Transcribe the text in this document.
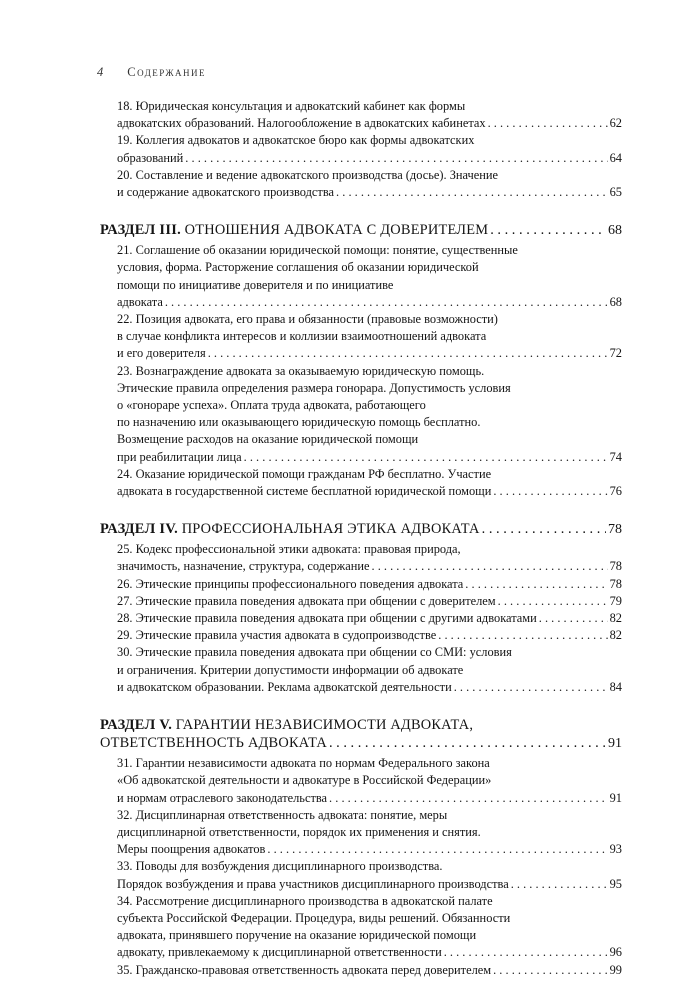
4 Содержание
18. Юридическая консультация и адвокатский кабинет как формы
адвокатских образований. Налогообложение в адвокатских кабинетах . . .	62
19. Коллегия адвокатов и адвокатское бюро как формы адвокатских
образований . . .	64
20. Составление и ведение адвокатского производства (досье). Значение
и содержание адвокатского производства . . .	65
РАЗДЕЛ III. ОТНОШЕНИЯ АДВОКАТА С ДОВЕРИТЕЛЕМ . . .	68
21. Соглашение об оказании юридической помощи: понятие, существенные
условия, форма. Расторжение соглашения об оказании юридической
помощи по инициативе доверителя и по инициативе
адвоката . . .	68
22. Позиция адвоката, его права и обязанности (правовые возможности)
в случае конфликта интересов и коллизии взаимоотношений адвоката
и его доверителя . . .	72
23. Вознаграждение адвоката за оказываемую юридическую помощь.
Этические правила определения размера гонорара. Допустимость условия
о «гонораре успеха». Оплата труда адвоката, работающего
по назначению или оказывающего юридическую помощь бесплатно.
Возмещение расходов на оказание юридической помощи
при реабилитации лица . . .	74
24. Оказание юридической помощи гражданам РФ бесплатно. Участие
адвоката в государственной системе бесплатной юридической помощи . . .	76
РАЗДЕЛ IV. ПРОФЕССИОНАЛЬНАЯ ЭТИКА АДВОКАТА . . .	78
25. Кодекс профессиональной этики адвоката: правовая природа,
значимость, назначение, структура, содержание . . .	78
26. Этические принципы профессионального поведения адвоката . . .	78
27. Этические правила поведения адвоката при общении с доверителем . . .	79
28. Этические правила поведения адвоката при общении с другими адвокатами . . .	82
29. Этические правила участия адвоката в судопроизводстве . . .	82
30. Этические правила поведения адвоката при общении со СМИ: условия
и ограничения. Критерии допустимости информации об адвокате
и адвокатском образовании. Реклама адвокатской деятельности . . .	84
РАЗДЕЛ V. ГАРАНТИИ НЕЗАВИСИМОСТИ АДВОКАТА,
ОТВЕТСТВЕННОСТЬ АДВОКАТА . . .	91
31. Гарантии независимости адвоката по нормам Федерального закона
«Об адвокатской деятельности и адвокатуре в Российской Федерации»
и нормам отраслевого законодательства . . .	91
32. Дисциплинарная ответственность адвоката: понятие, меры
дисциплинарной ответственности, порядок их применения и снятия.
Меры поощрения адвокатов . . .	93
33. Поводы для возбуждения дисциплинарного производства.
Порядок возбуждения и права участников дисциплинарного производства . . .	95
34. Рассмотрение дисциплинарного производства в адвокатской палате
субъекта Российской Федерации. Процедура, виды решений. Обязанности
адвоката, принявшего поручение на оказание юридической помощи
адвокату, привлекаемому к дисциплинарной ответственности . . .	96
35. Гражданско-правовая ответственность адвоката перед доверителем . . .	99
